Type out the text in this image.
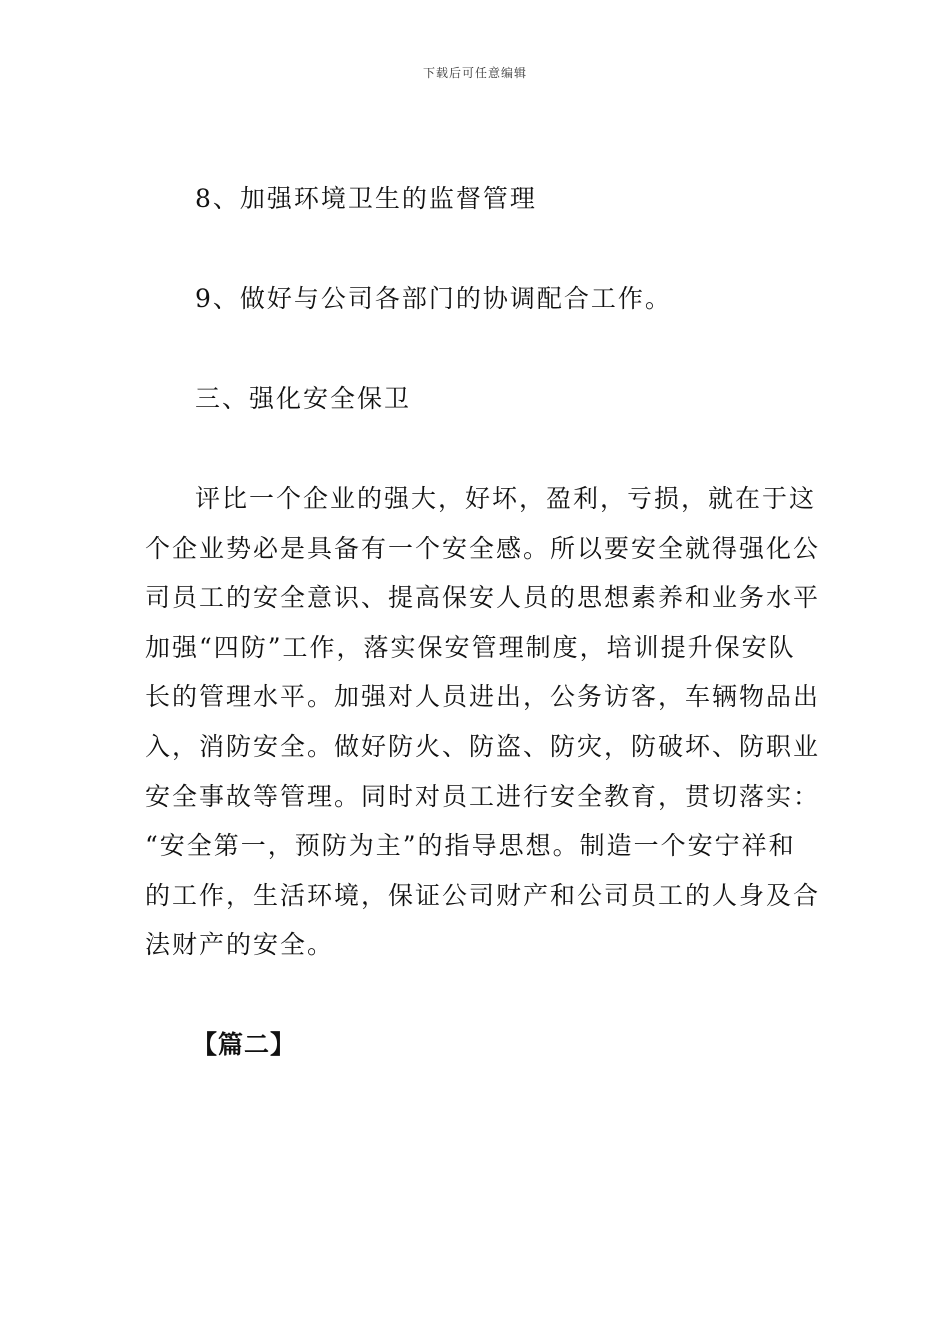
下载后可任意编辑
8、加强环境卫生的监督管理
9、做好与公司各部门的协调配合工作。
三、强化安全保卫
评比一个企业的强大，好坏，盈利，亏损，就在于这
个企业势必是具备有一个安全感。所以要安全就得强化公
司员工的安全意识、提高保安人员的思想素养和业务水平
加强“四防”工作，落实保安管理制度，培训提升保安队
长的管理水平。加强对人员进出，公务访客，车辆物品出
入，消防安全。做好防火、防盗、防灾，防破坏、防职业
安全事故等管理。同时对员工进行安全教育，贯切落实：
“安全第一，预防为主”的指导思想。制造一个安宁祥和
的工作，生活环境，保证公司财产和公司员工的人身及合
法财产的安全。
【篇二】
